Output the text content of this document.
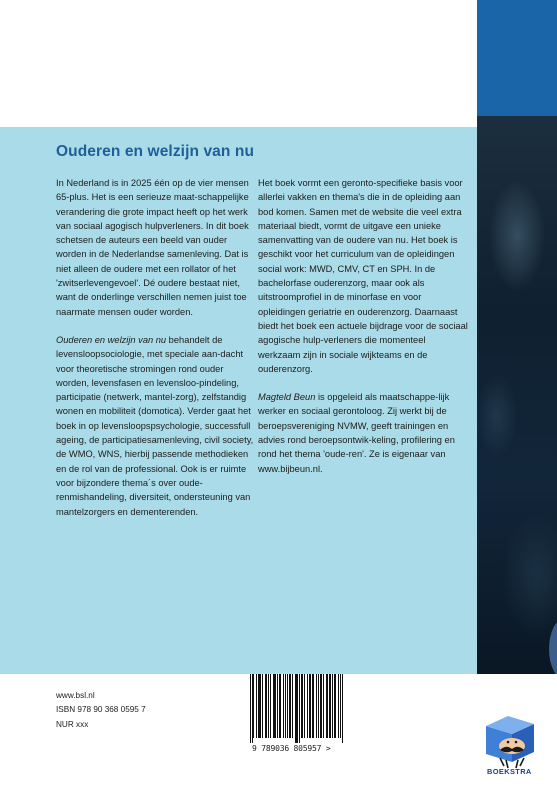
Ouderen en welzijn van nu

In Nederland is in 2025 één op de vier mensen 65-plus. Het is een serieuze maat-schappelijke verandering die grote impact heeft op het werk van sociaal agogisch hulpverleners. In dit boek schetsen de auteurs een beeld van ouder worden in de Nederlandse samenleving. Dat is niet alleen de oudere met een rollator of het 'zwitserlevengevoel'. Dé oudere bestaat niet, want de onderlinge verschillen nemen juist toe naarmate mensen ouder worden.

Ouderen en welzijn van nu behandelt de levensloopsociologie, met speciale aan-dacht voor theoretische stromingen rond ouder worden, levensfasen en levensloo-pindeling, participatie (netwerk, mantel-zorg), zelfstandig wonen en mobiliteit (domotica). Verder gaat het boek in op levensloopspsychologie, successfull ageing, de participatiesamenleving, civil society, de WMO, WNS, hierbij passende methodieken en de rol van de professional. Ook is er ruimte voor bijzondere thema´s over oude-renmishandeling, diversiteit, ondersteuning van mantelzorgers en dementerenden.

Het boek vormt een geronto-specifieke basis voor allerlei vakken en thema's die in de opleiding aan bod komen. Samen met de website die veel extra materiaal biedt, vormt de uitgave een unieke samenvatting van de oudere van nu. Het boek is geschikt voor het curriculum van de opleidingen social work: MWD, CMV, CT en SPH. In de bachelorfase ouderenzorg, maar ook als uitstroomprofiel in de minorfase en voor opleidingen geriatrie en ouderenzorg. Daarnaast biedt het boek een actuele bijdrage voor de sociaal agogische hulp-verleners die momenteel werkzaam zijn in sociale wijkteams en de ouderenzorg.

Magteld Beun is opgeleid als maatschappe-lijk werker en sociaal gerontoloog. Zij werkt bij de beroepsvereniging NVMW, geeft trainingen en advies rond beroepsontwik-keling, profilering en rond het thema 'oude-ren'. Ze is eigenaar van www.bijbeun.nl.

www.bsl.nl
ISBN 978 90 368 0595 7
NUR xxx
9 789036 805957 >
BOEKSTRA
